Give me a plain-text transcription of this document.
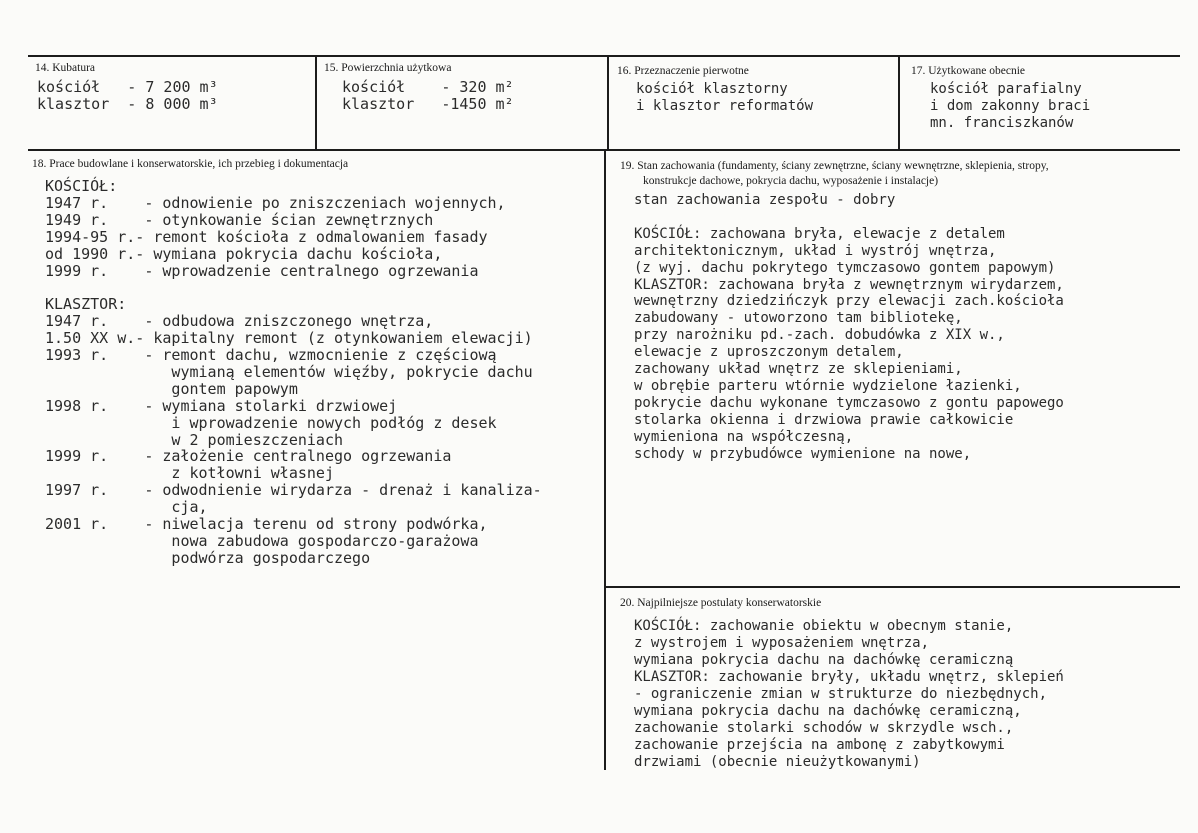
14. Kubatura
kościół   - 7 200 m³
klasztor  - 8 000 m³
15. Powierzchnia użytkowa
kościół    - 320 m²
klasztor   -1450 m²
16. Przeznaczenie pierwotne
kościół klasztorny
i klasztor reformatów
17. Użytkowane obecnie
kościół parafialny
i dom zakonny braci
mn. franciszkanów
18. Prace budowlane i konserwatorskie, ich przebieg i dokumentacja
KOŚCIÓŁ:
1947 r.    - odnowienie po zniszczeniach wojennych,
1949 r.    - otynkowanie ścian zewnętrznych
1994-95 r.- remont kościoła z odmalowaniem fasady
od 1990 r.- wymiana pokrycia dachu kościoła,
1999 r.    - wprowadzenie centralnego ogrzewania
KLASZTOR:
1947 r.    - odbudowa zniszczonego wnętrza,
1.50 XX w.- kapitalny remont (z otynkowaniem elewacji)
1993 r.    - remont dachu, wzmocnienie z częściową
wymianą elementów więźby, pokrycie dachu
gontem papowym
1998 r.    - wymiana stolarki drzwiowej
i wprowadzenie nowych podłóg z desek
w 2 pomieszczeniach
1999 r.    - założenie centralnego ogrzewania
z kotłowni własnej
1997 r.    - odwodnienie wirydarza - drenaż i kanaliza-
cja,
2001 r.    - niwelacja terenu od strony podwórka,
nowa zabudowa gospodarczo-garażowa
podwórza gospodarczego
19. Stan zachowania (fundamenty, ściany zewnętrzne, ściany wewnętrzne, sklepienia, stropy,
konstrukcje dachowe, pokrycia dachu, wyposażenie i instalacje)
stan zachowania zespołu - dobry
KOŚCIÓŁ: zachowana bryła, elewacje z detalem
architektonicznym, układ i wystrój wnętrza,
(z wyj. dachu pokrytego tymczasowo gontem papowym)
KLASZTOR: zachowana bryła z wewnętrznym wirydarzem,
wewnętrzny dziedzińczyk przy elewacji zach.kościoła
zabudowany - utoworzono tam bibliotekę,
przy narożniku pd.-zach. dobudówka z XIX w.,
elewacje z uproszczonym detalem,
zachowany układ wnętrz ze sklepieniami,
w obrębie parteru wtórnie wydzielone łazienki,
pokrycie dachu wykonane tymczasowo z gontu papowego
stolarka okienna i drzwiowa prawie całkowicie
wymieniona na współczesną,
schody w przybudówce wymienione na nowe,
20. Najpilniejsze postulaty konserwatorskie
KOŚCIÓŁ: zachowanie obiektu w obecnym stanie,
z wystrojem i wyposażeniem wnętrza,
wymiana pokrycia dachu na dachówkę ceramiczną
KLASZTOR: zachowanie bryły, układu wnętrz, sklepień
- ograniczenie zmian w strukturze do niezbędnych,
wymiana pokrycia dachu na dachówkę ceramiczną,
zachowanie stolarki schodów w skrzydle wsch.,
zachowanie przejścia na ambonę z zabytkowymi
drzwiami (obecnie nieużytkowanymi)
